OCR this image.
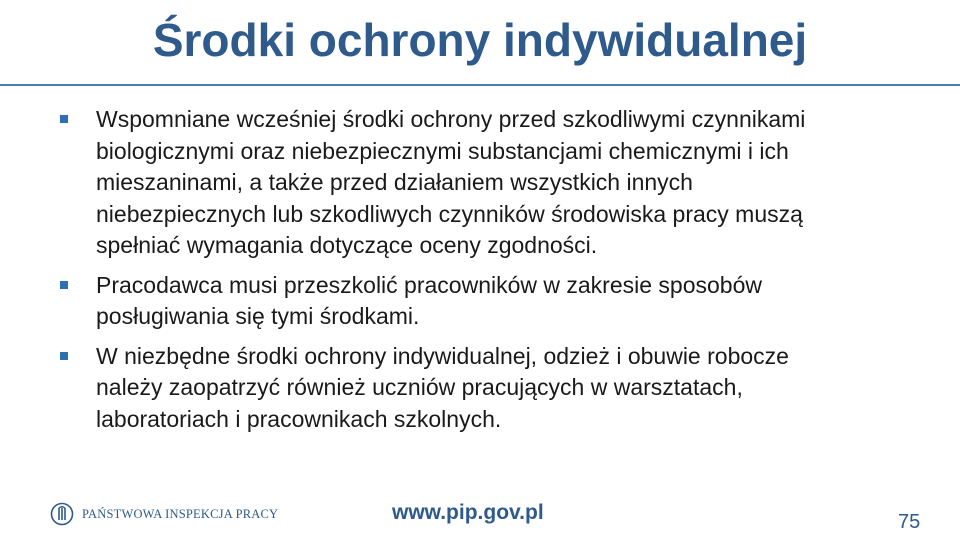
Środki ochrony indywidualnej
Wspomniane wcześniej środki ochrony przed szkodliwymi czynnikami biologicznymi oraz niebezpiecznymi substancjami chemicznymi i ich mieszaninami, a także przed działaniem wszystkich innych niebezpiecznych lub szkodliwych czynników środowiska pracy muszą spełniać wymagania dotyczące oceny zgodności.
Pracodawca musi przeszkolić pracowników w zakresie sposobów posługiwania się tymi środkami.
W niezbędne środki ochrony indywidualnej, odzież i obuwie robocze należy zaopatrzyć również uczniów pracujących w warsztatach, laboratoriach i pracownikach szkolnych.
PAŃSTWOWA INSPEKCJA PRACY	www.pip.gov.pl	75
